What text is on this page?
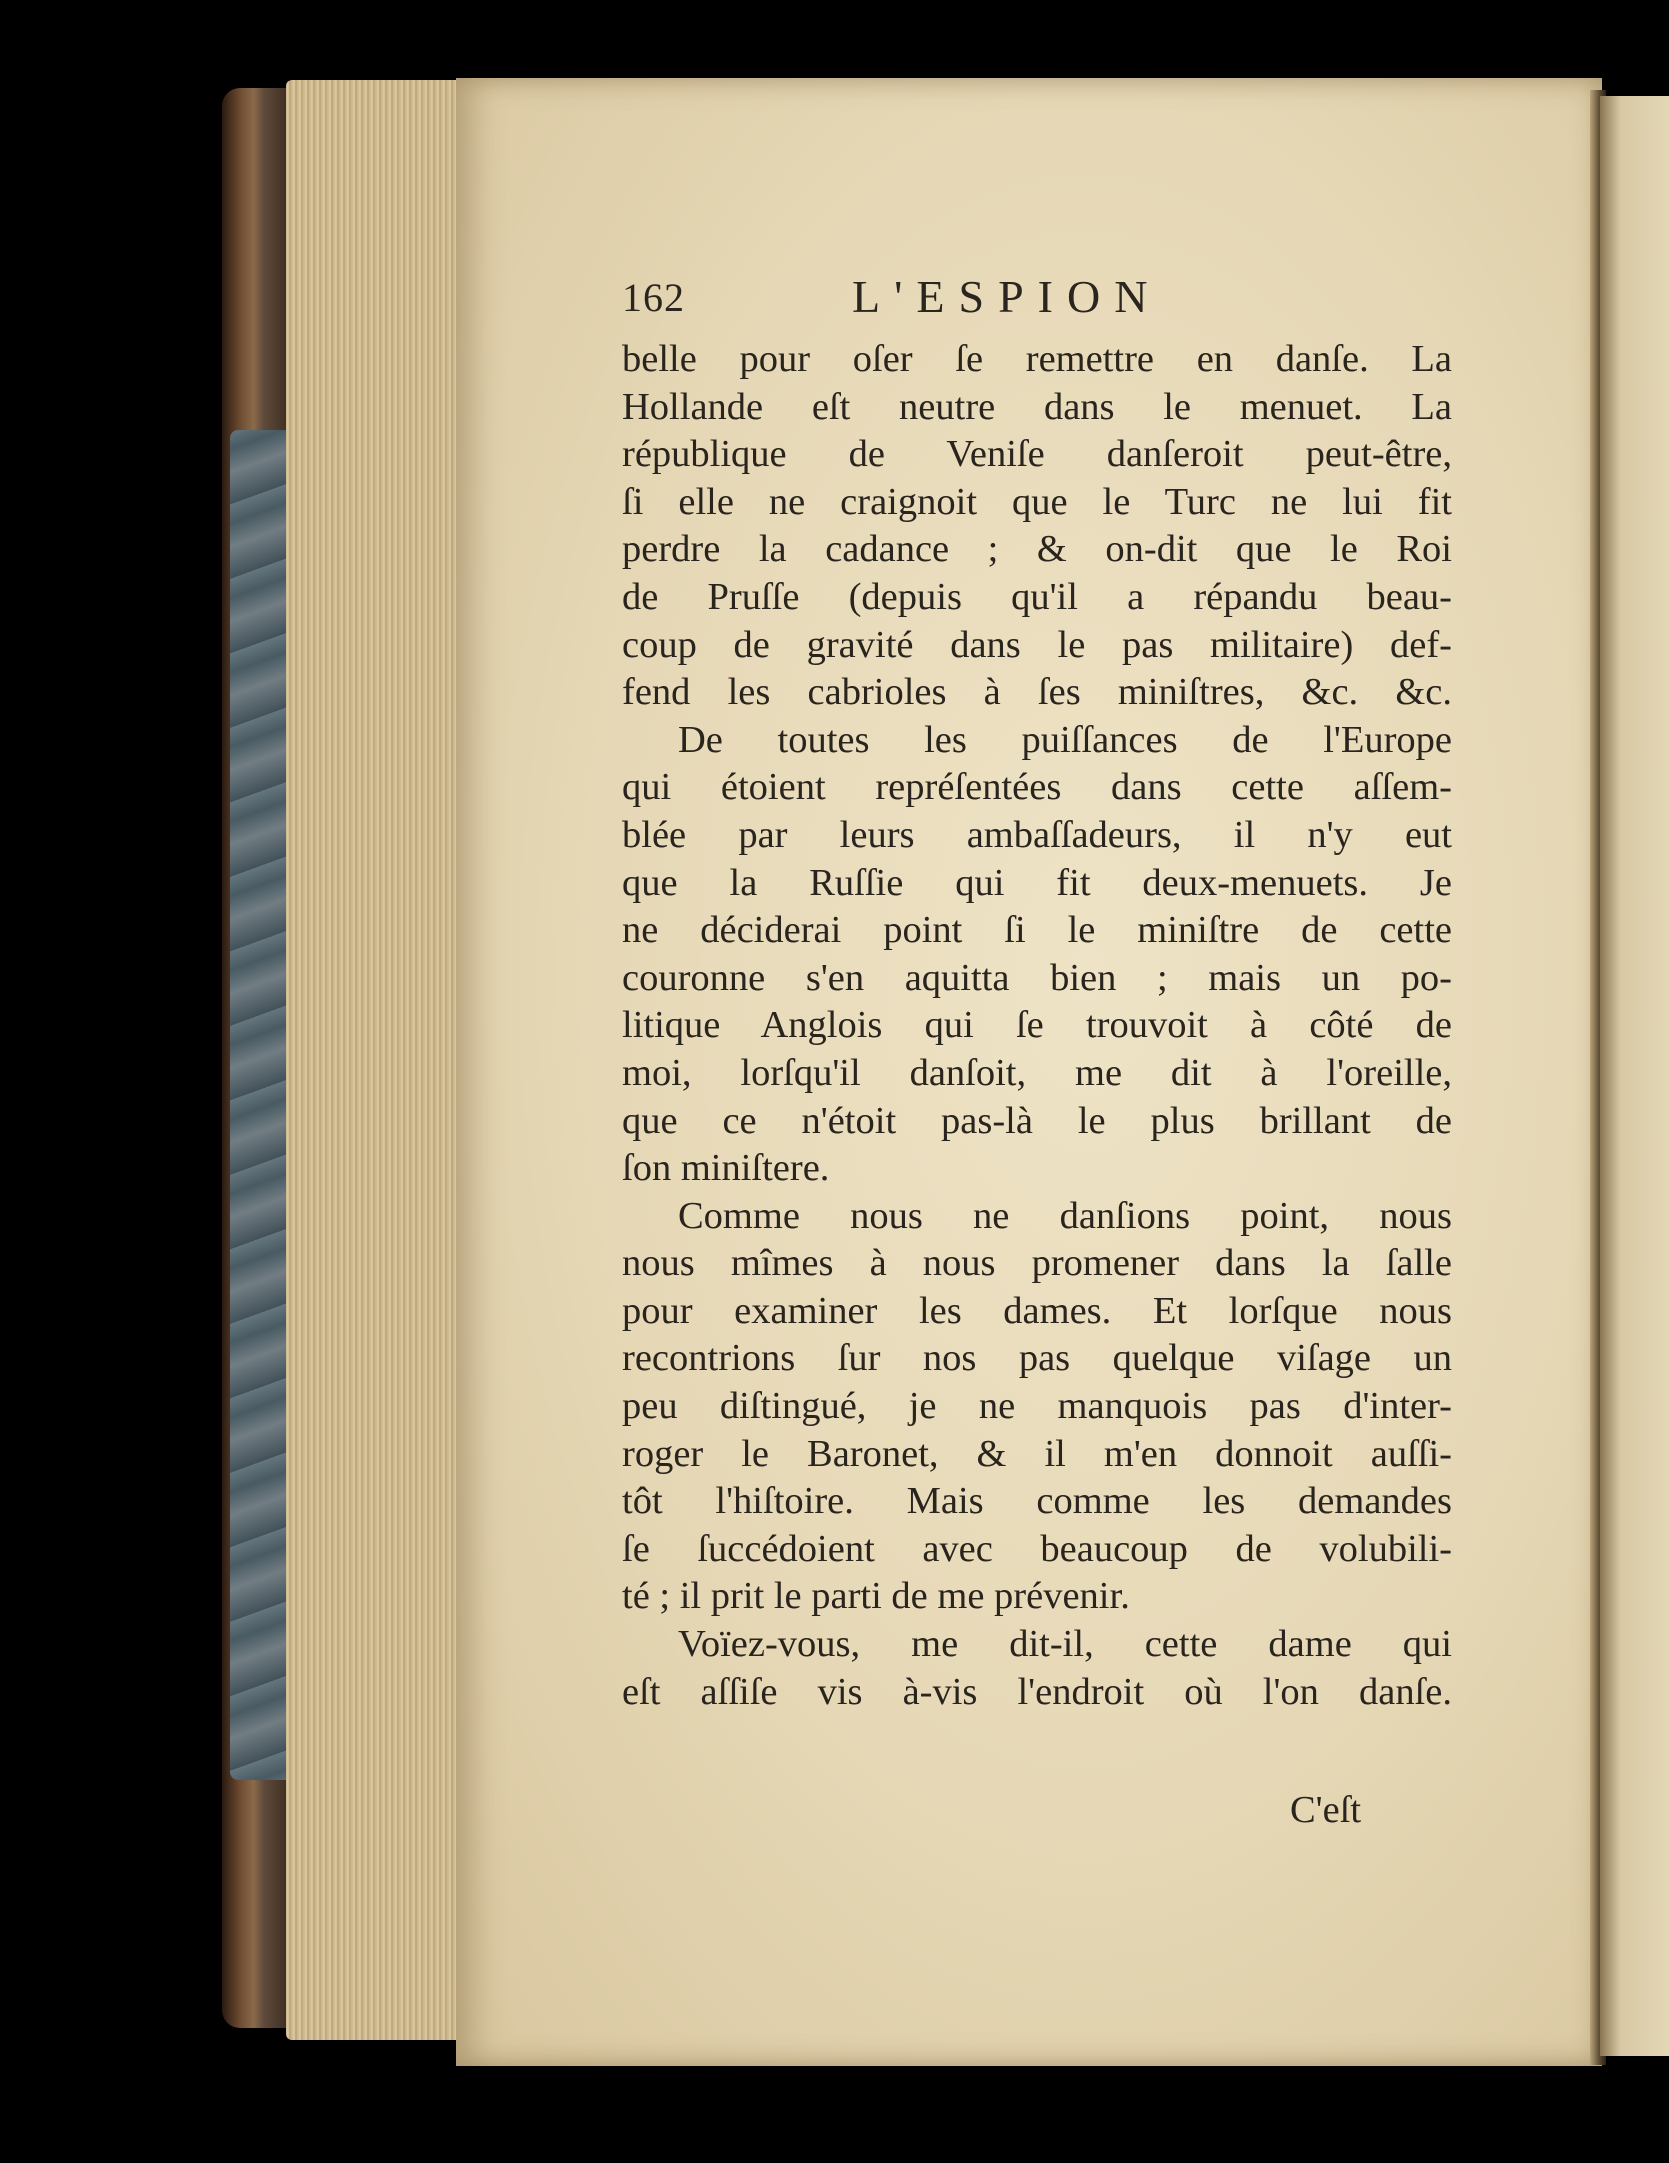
162	L'ESPION
belle pour oſer ſe remettre en danſe. La
Hollande eſt neutre dans le menuet. La
république de Veniſe danſeroit peut-être,
ſi elle ne craignoit que le Turc ne lui fit
perdre la cadance ; & on-dit que le Roi
de Pruſſe (depuis qu'il a répandu beau-
coup de gravité dans le pas militaire) def-
fend les cabrioles à ſes miniſtres, &c. &c.
De toutes les puiſſances de l'Europe
qui étoient repréſentées dans cette aſſem-
blée par leurs ambaſſadeurs, il n'y eut
que la Ruſſie qui fit deux-menuets. Je
ne déciderai point ſi le miniſtre de cette
couronne s'en aquitta bien ; mais un po-
litique Anglois qui ſe trouvoit à côté de
moi, lorſqu'il danſoit, me dit à l'oreille,
que ce n'étoit pas-là le plus brillant de
ſon miniſtere.
Comme nous ne danſions point, nous
nous mîmes à nous promener dans la ſalle
pour examiner les dames. Et lorſque nous
recontrions ſur nos pas quelque viſage un
peu diſtingué, je ne manquois pas d'inter-
roger le Baronet, & il m'en donnoit auſſi-
tôt l'hiſtoire. Mais comme les demandes
ſe ſuccédoient avec beaucoup de volubili-
té ; il prit le parti de me prévenir.
Voïez-vous, me dit-il, cette dame qui
eſt aſſiſe vis à-vis l'endroit où l'on danſe.
C'eſt
